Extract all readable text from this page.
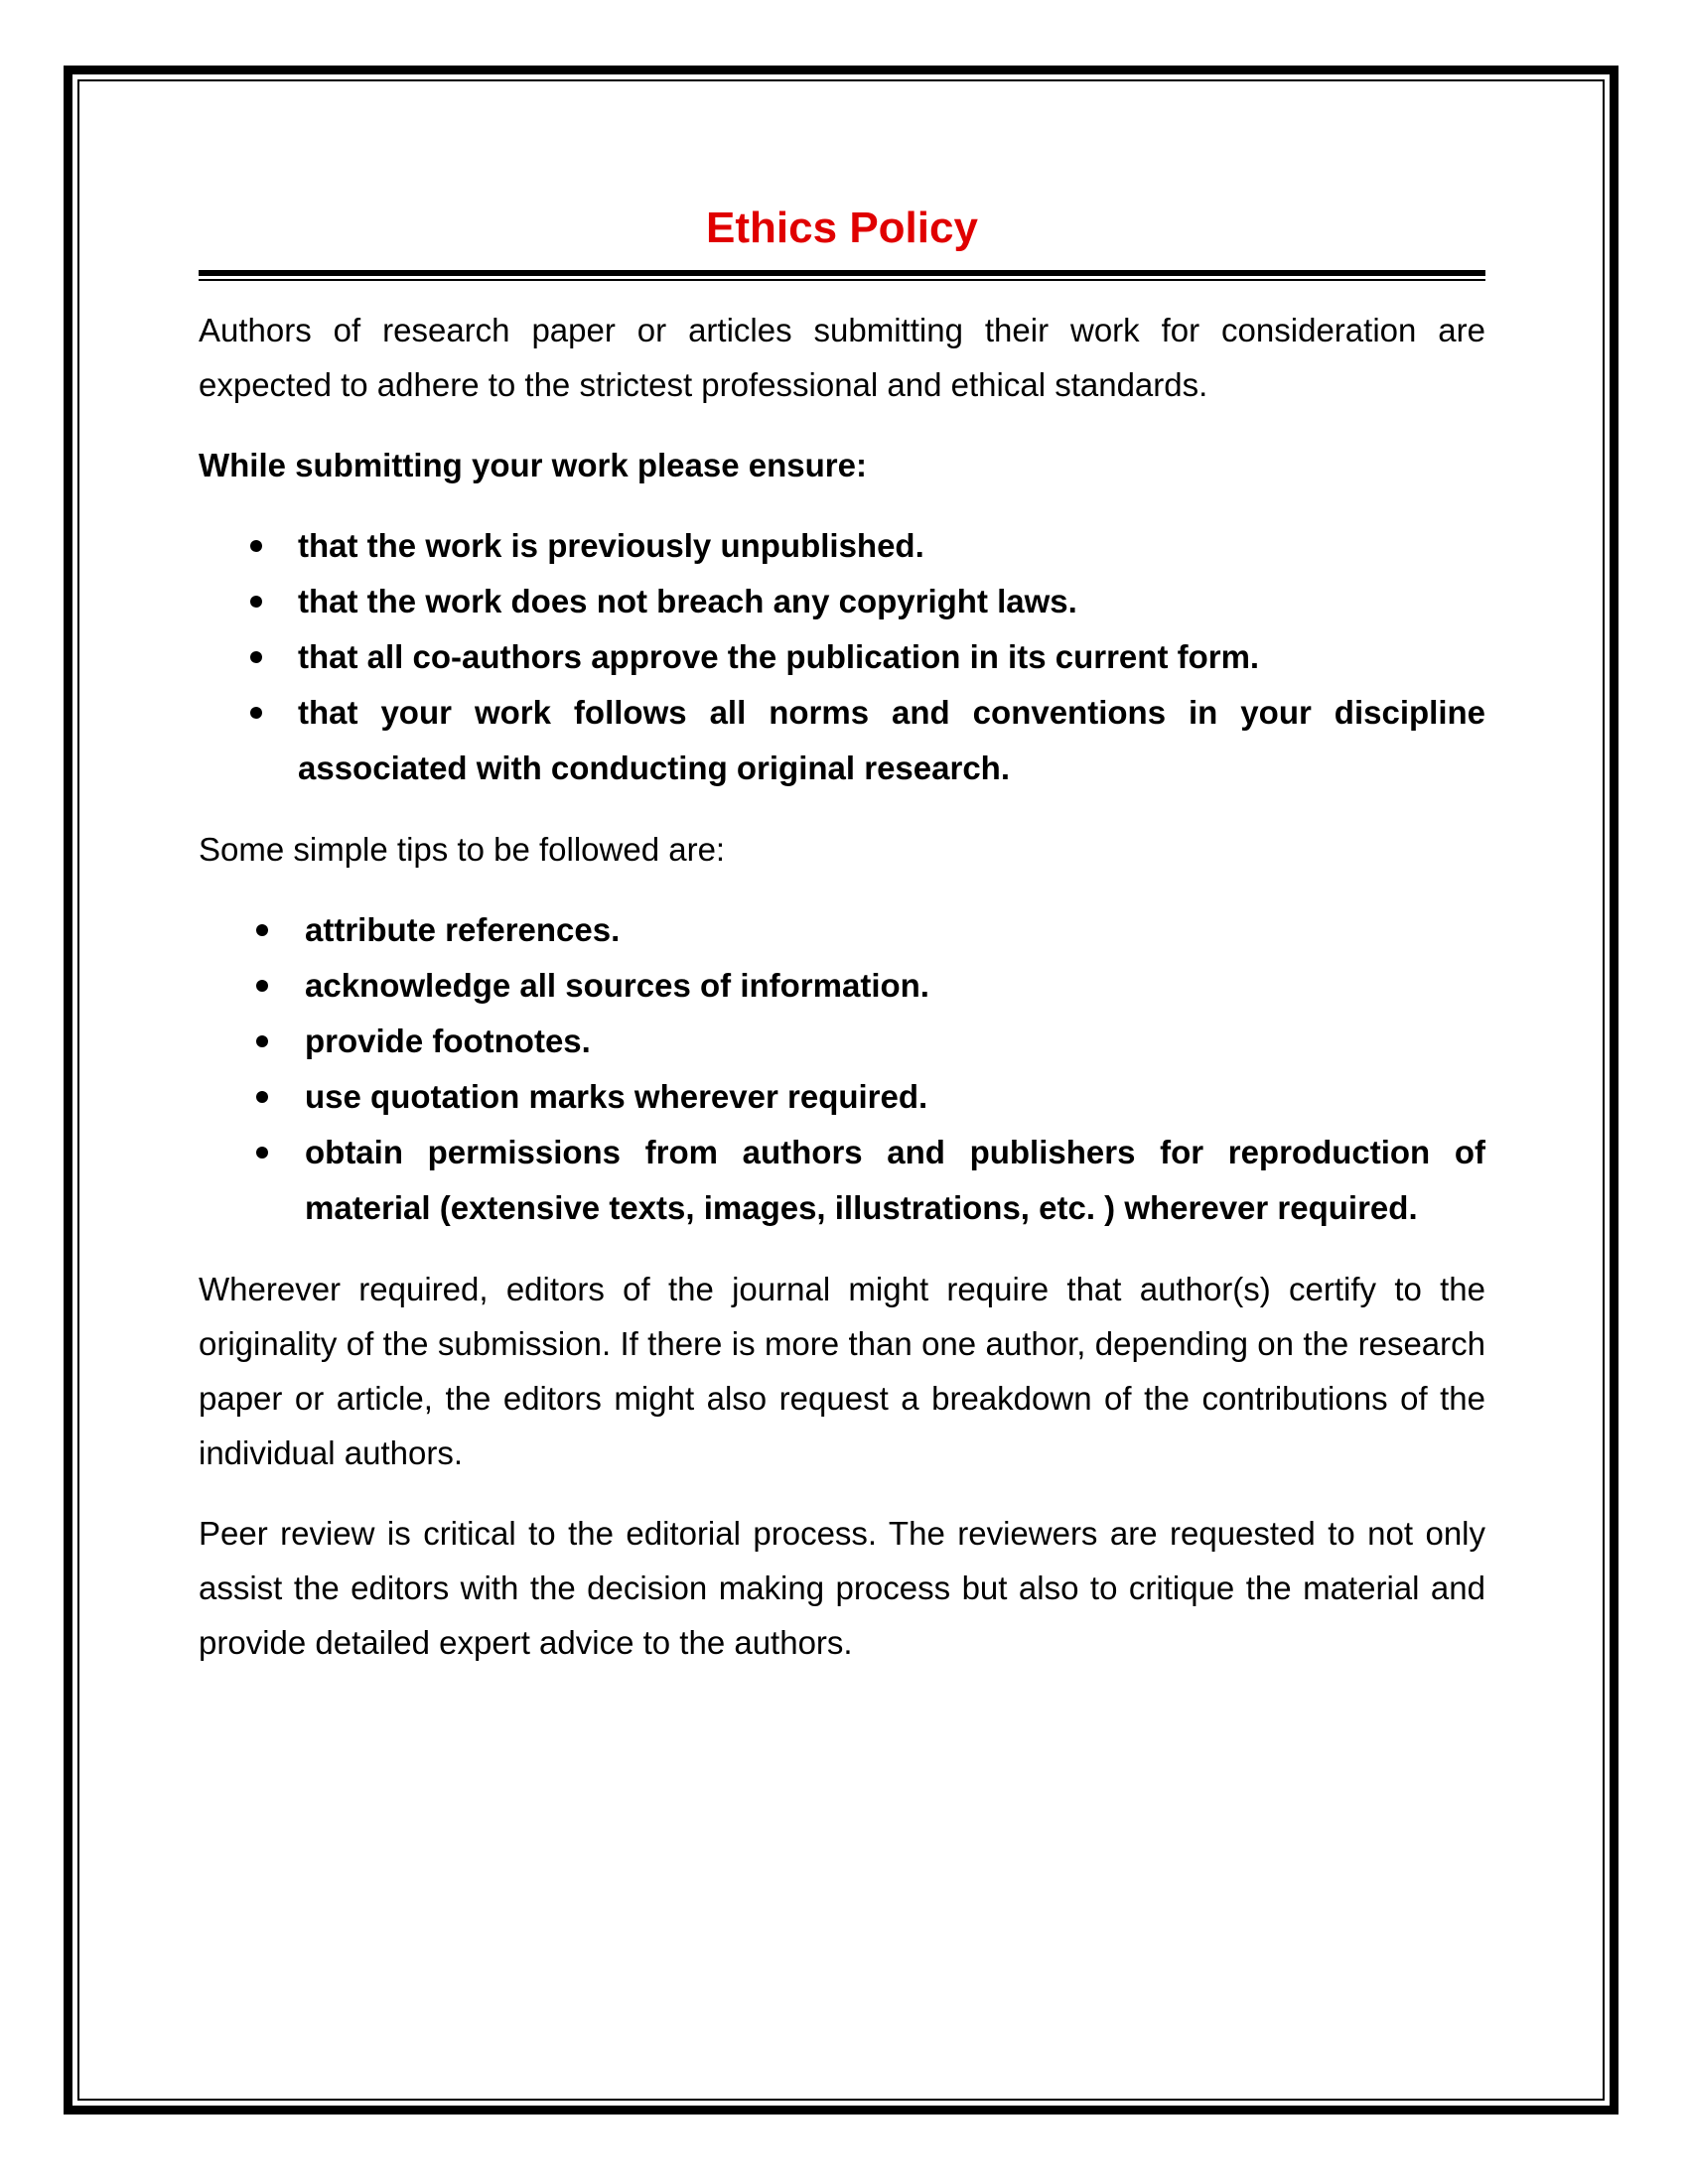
Ethics Policy

Authors of research paper or articles submitting their work for consideration are expected to adhere to the strictest professional and ethical standards.

While submitting your work please ensure:

that the work is previously unpublished.
that the work does not breach any copyright laws.
that all co-authors approve the publication in its current form.
that your work follows all norms and conventions in your discipline associated with conducting original research.

Some simple tips to be followed are:

attribute references.
acknowledge all sources of information.
provide footnotes.
use quotation marks wherever required.
obtain permissions from authors and publishers for reproduction of material (extensive texts, images, illustrations, etc. ) wherever required.

Wherever required, editors of the journal might require that author(s) certify to the originality of the submission. If there is more than one author, depending on the research paper or article, the editors might also request a breakdown of the contributions of the individual authors.

Peer review is critical to the editorial process. The reviewers are requested to not only assist the editors with the decision making process but also to critique the material and provide detailed expert advice to the authors.
